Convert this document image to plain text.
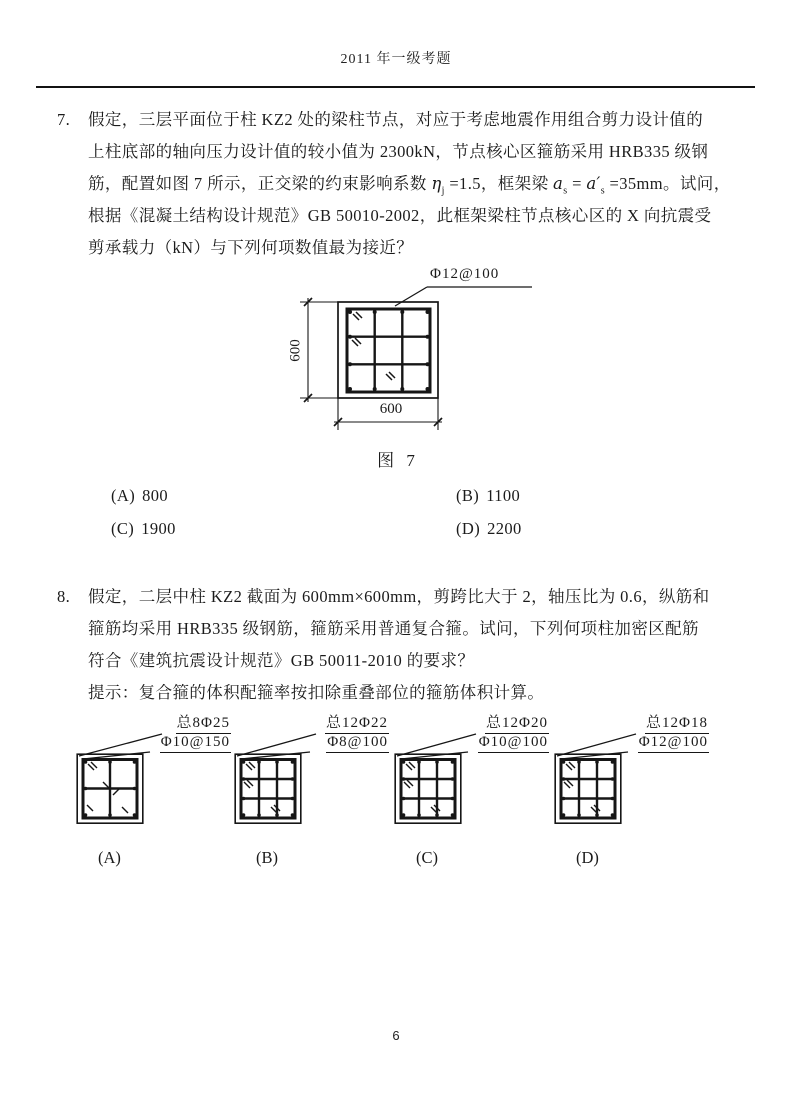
2011 年一级考题
7. 假定，三层平面位于柱 KZ2 处的梁柱节点，对应于考虑地震作用组合剪力设计值的
上柱底部的轴向压力设计值的较小值为 2300kN，节点核心区箍筋采用 HRB335 级钢
筋，配置如图 7 所示，正交梁的约束影响系数 $\eta_j =1.5$，框架梁 $a_s = a'_s =35mm$。试问，
根据《混凝土结构设计规范》GB 50010-2002，此框架梁柱节点核心区的 X 向抗震受
剪承载力（kN）与下列何项数值最为接近？
Φ12@100
600
600
图 7
(A) 800	(B) 1100
(C) 1900	(D) 2200
8. 假定，二层中柱 KZ2 截面为 600mm×600mm，剪跨比大于 2，轴压比为 0.6，纵筋和
箍筋均采用 HRB335 级钢筋，箍筋采用普通复合箍。试问，下列何项柱加密区配筋
符合《建筑抗震设计规范》GB 50011-2010 的要求？
提示：复合箍的体积配箍率按扣除重叠部位的箍筋体积计算。
总8Φ25
Φ10@150
(A)
总12Φ22
Φ8@100
(B)
总12Φ20
Φ10@100
(C)
总12Φ18
Φ12@100
(D)
6
